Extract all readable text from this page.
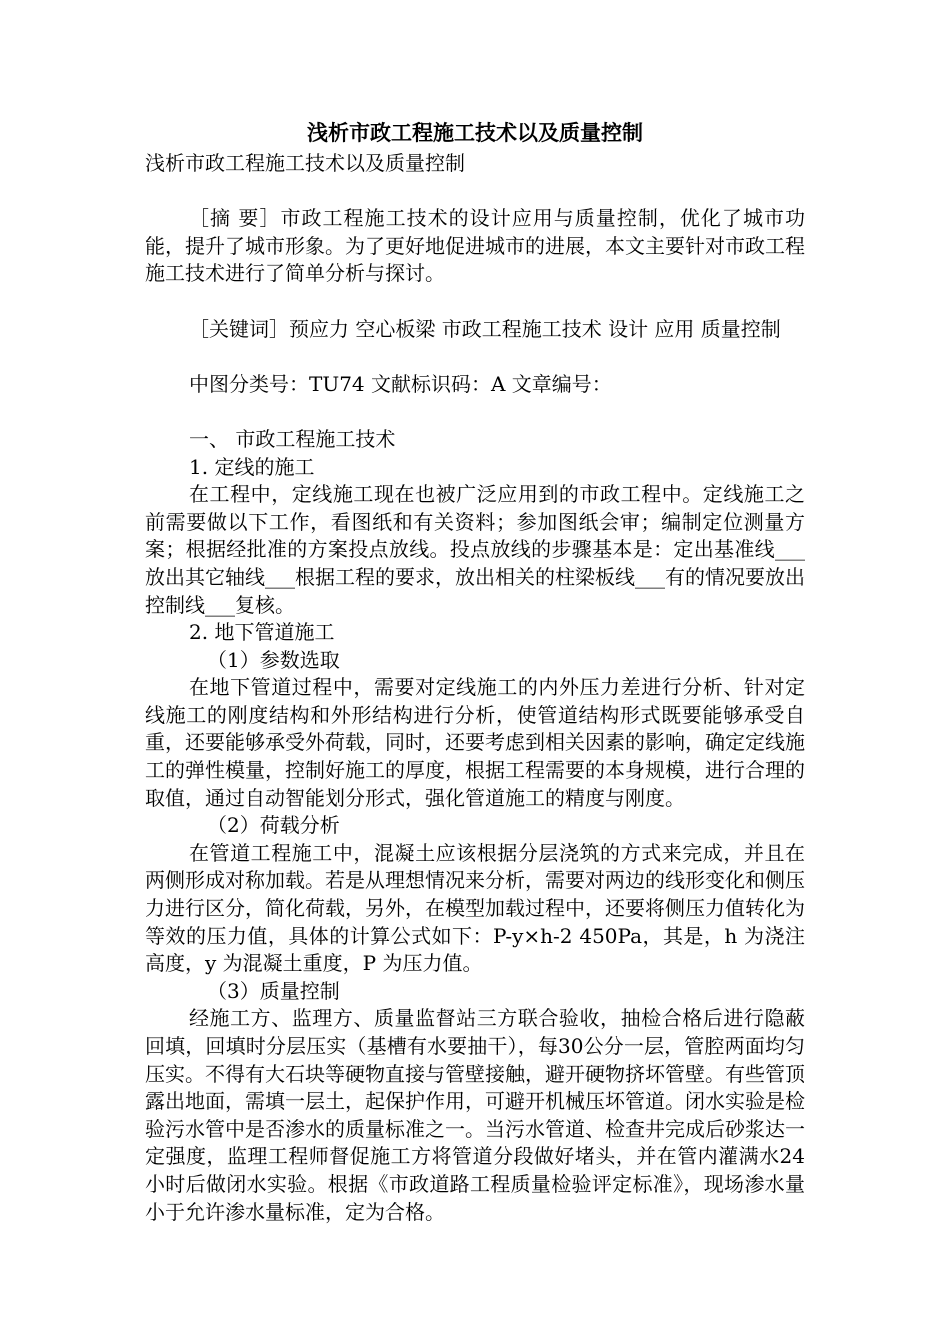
浅析市政工程施工技术以及质量控制

浅析市政工程施工技术以及质量控制

［摘 要］市政工程施工技术的设计应用与质量控制，优化了城市功能，提升了城市形象。为了更好地促进城市的进展，本文主要针对市政工程施工技术进行了简单分析与探讨。

［关键词］预应力 空心板梁 市政工程施工技术 设计 应用 质量控制

中图分类号：TU74 文献标识码：A 文章编号：

一、 市政工程施工技术

1. 定线的施工

在工程中，定线施工现在也被广泛应用到的市政工程中。定线施工之前需要做以下工作，看图纸和有关资料；参加图纸会审；编制定位测量方案；根据经批准的方案投点放线。投点放线的步骤基本是：定出基准线___放出其它轴线___根据工程的要求，放出相关的柱梁板线___有的情况要放出控制线___复核。

2. 地下管道施工

（1）参数选取

在地下管道过程中，需要对定线施工的内外压力差进行分析、针对定线施工的刚度结构和外形结构进行分析，使管道结构形式既要能够承受自重，还要能够承受外荷载，同时，还要考虑到相关因素的影响，确定定线施工的弹性模量，控制好施工的厚度，根据工程需要的本身规模，进行合理的取值，通过自动智能划分形式，强化管道施工的精度与刚度。

（2）荷载分析

在管道工程施工中，混凝土应该根据分层浇筑的方式来完成，并且在两侧形成对称加载。若是从理想情况来分析，需要对两边的线形变化和侧压力进行区分，简化荷载，另外，在模型加载过程中，还要将侧压力值转化为等效的压力值，具体的计算公式如下：P-y×h-2 450Pa，其是，h 为浇注高度，y 为混凝土重度，P 为压力值。

（3）质量控制

经施工方、监理方、质量监督站三方联合验收，抽检合格后进行隐蔽回填，回填时分层压实（基槽有水要抽干），每30公分一层，管腔两面均匀压实。不得有大石块等硬物直接与管壁接触，避开硬物挤坏管壁。有些管顶露出地面，需填一层土，起保护作用，可避开机械压坏管道。闭水实验是检验污水管中是否渗水的质量标准之一。当污水管道、检查井完成后砂浆达一定强度，监理工程师督促施工方将管道分段做好堵头，并在管内灌满水24小时后做闭水实验。根据《市政道路工程质量检验评定标准》，现场渗水量小于允许渗水量标准，定为合格。
